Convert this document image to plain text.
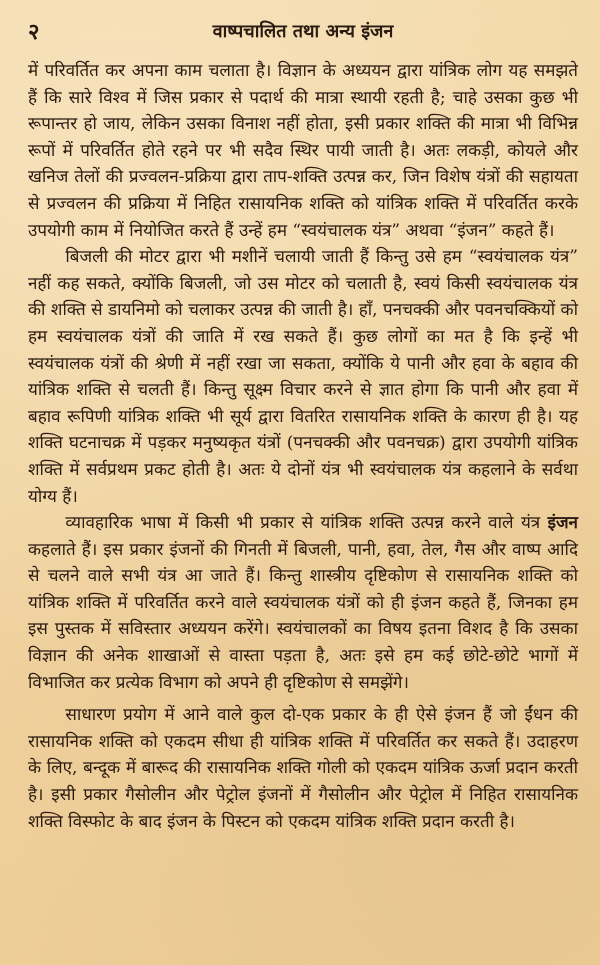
२	वाष्पचालित तथा अन्य इंजन

में परिवर्तित कर अपना काम चलाता है। विज्ञान के अध्ययन द्वारा यांत्रिक लोग यह समझते हैं कि सारे विश्व में जिस प्रकार से पदार्थ की मात्रा स्थायी रहती है; चाहे उसका कुछ भी रूपान्तर हो जाय, लेकिन उसका विनाश नहीं होता, इसी प्रकार शक्ति की मात्रा भी विभिन्न रूपों में परिवर्तित होते रहने पर भी सदैव स्थिर पायी जाती है। अतः लकड़ी, कोयले और खनिज तेलों की प्रज्वलन-प्रक्रिया द्वारा ताप-शक्ति उत्पन्न कर, जिन विशेष यंत्रों की सहायता से प्रज्वलन की प्रक्रिया में निहित रासायनिक शक्ति को यांत्रिक शक्ति में परिवर्तित करके उपयोगी काम में नियोजित करते हैं उन्हें हम “स्वयंचालक यंत्र” अथवा “इंजन” कहते हैं।

बिजली की मोटर द्वारा भी मशीनें चलायी जाती हैं किन्तु उसे हम “स्वयंचालक यंत्र” नहीं कह सकते, क्योंकि बिजली, जो उस मोटर को चलाती है, स्वयं किसी स्वयंचालक यंत्र की शक्ति से डायनिमो को चलाकर उत्पन्न की जाती है। हाँ, पनचक्की और पवनचक्कियों को हम स्वयंचालक यंत्रों की जाति में रख सकते हैं। कुछ लोगों का मत है कि इन्हें भी स्वयंचालक यंत्रों की श्रेणी में नहीं रखा जा सकता, क्योंकि ये पानी और हवा के बहाव की यांत्रिक शक्ति से चलती हैं। किन्तु सूक्ष्म विचार करने से ज्ञात होगा कि पानी और हवा में बहाव रूपिणी यांत्रिक शक्ति भी सूर्य द्वारा वितरित रासायनिक शक्ति के कारण ही है। यह शक्ति घटनाचक्र में पड़कर मनुष्यकृत यंत्रों (पनचक्की और पवनचक्र) द्वारा उपयोगी यांत्रिक शक्ति में सर्वप्रथम प्रकट होती है। अतः ये दोनों यंत्र भी स्वयंचालक यंत्र कहलाने के सर्वथा योग्य हैं।

व्यावहारिक भाषा में किसी भी प्रकार से यांत्रिक शक्ति उत्पन्न करने वाले यंत्र इंजन कहलाते हैं। इस प्रकार इंजनों की गिनती में बिजली, पानी, हवा, तेल, गैस और वाष्प आदि से चलने वाले सभी यंत्र आ जाते हैं। किन्तु शास्त्रीय दृष्टिकोण से रासायनिक शक्ति को यांत्रिक शक्ति में परिवर्तित करने वाले स्वयंचालक यंत्रों को ही इंजन कहते हैं, जिनका हम इस पुस्तक में सविस्तार अध्ययन करेंगे। स्वयंचालकों का विषय इतना विशद है कि उसका विज्ञान की अनेक शाखाओं से वास्ता पड़ता है, अतः इसे हम कई छोटे-छोटे भागों में विभाजित कर प्रत्येक विभाग को अपने ही दृष्टिकोण से समझेंगे।

साधारण प्रयोग में आने वाले कुल दो-एक प्रकार के ही ऐसे इंजन हैं जो ईंधन की रासायनिक शक्ति को एकदम सीधा ही यांत्रिक शक्ति में परिवर्तित कर सकते हैं। उदाहरण के लिए, बन्दूक में बारूद की रासायनिक शक्ति गोली को एकदम यांत्रिक ऊर्जा प्रदान करती है। इसी प्रकार गैसोलीन और पेट्रोल इंजनों में गैसोलीन और पेट्रोल में निहित रासायनिक शक्ति विस्फोट के बाद इंजन के पिस्टन को एकदम यांत्रिक शक्ति प्रदान करती है।
